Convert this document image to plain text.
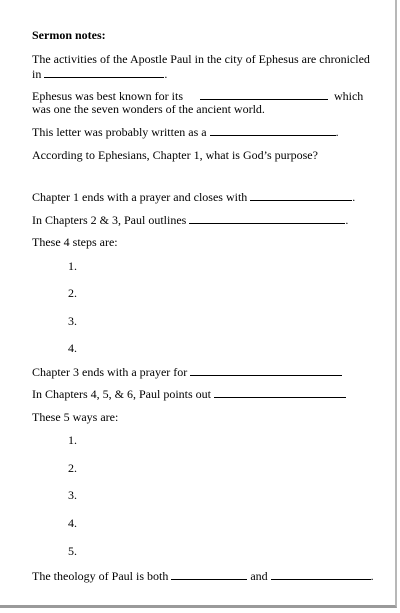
Sermon notes:
The activities of the Apostle Paul in the city of Ephesus are chronicled
in	.
Ephesus was best known for its	which
was one the seven wonders of the ancient world.
This letter was probably written as a	.
According to Ephesians, Chapter 1, what is God’s purpose?
Chapter 1 ends with a prayer and closes with	.
In Chapters 2 & 3, Paul outlines	.
These 4 steps are:
1.
2.
3.
4.
Chapter 3 ends with a prayer for
In Chapters 4, 5, & 6, Paul points out
These 5 ways are:
1.
2.
3.
4.
5.
The theology of Paul is both	and	.
